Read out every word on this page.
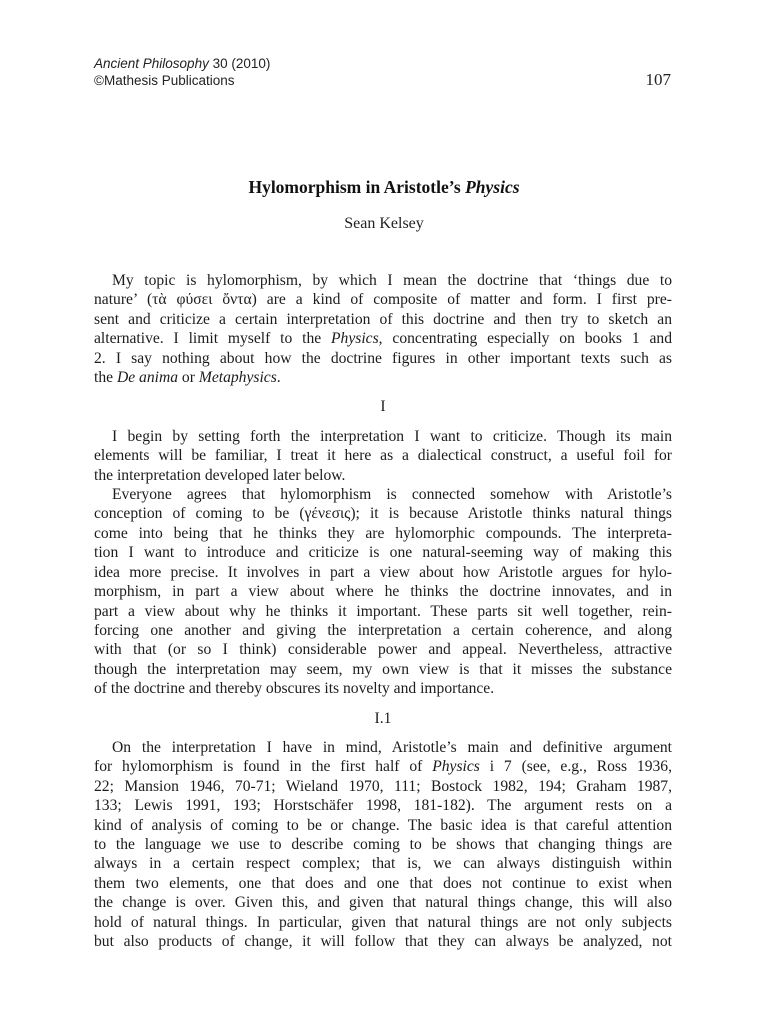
Ancient Philosophy 30 (2010)
©Mathesis Publications	107
Hylomorphism in Aristotle’s Physics
Sean Kelsey

My topic is hylomorphism, by which I mean the doctrine that ‘things due to
nature’ (τὰ φύσει ὄντα) are a kind of composite of matter and form. I first pre-
sent and criticize a certain interpretation of this doctrine and then try to sketch an
alternative. I limit myself to the Physics, concentrating especially on books 1 and
2. I say nothing about how the doctrine figures in other important texts such as
the De anima or Metaphysics.

I

I begin by setting forth the interpretation I want to criticize. Though its main
elements will be familiar, I treat it here as a dialectical construct, a useful foil for
the interpretation developed later below.

Everyone agrees that hylomorphism is connected somehow with Aristotle’s
conception of coming to be (γένεσις); it is because Aristotle thinks natural things
come into being that he thinks they are hylomorphic compounds. The interpreta-
tion I want to introduce and criticize is one natural-seeming way of making this
idea more precise. It involves in part a view about how Aristotle argues for hylo-
morphism, in part a view about where he thinks the doctrine innovates, and in
part a view about why he thinks it important. These parts sit well together, rein-
forcing one another and giving the interpretation a certain coherence, and along
with that (or so I think) considerable power and appeal. Nevertheless, attractive
though the interpretation may seem, my own view is that it misses the substance
of the doctrine and thereby obscures its novelty and importance.

I.1

On the interpretation I have in mind, Aristotle’s main and definitive argument
for hylomorphism is found in the first half of Physics i 7 (see, e.g., Ross 1936,
22; Mansion 1946, 70-71; Wieland 1970, 111; Bostock 1982, 194; Graham 1987,
133; Lewis 1991, 193; Horstschäfer 1998, 181-182). The argument rests on a
kind of analysis of coming to be or change. The basic idea is that careful attention
to the language we use to describe coming to be shows that changing things are
always in a certain respect complex; that is, we can always distinguish within
them two elements, one that does and one that does not continue to exist when
the change is over. Given this, and given that natural things change, this will also
hold of natural things. In particular, given that natural things are not only subjects
but also products of change, it will follow that they can always be analyzed, not
